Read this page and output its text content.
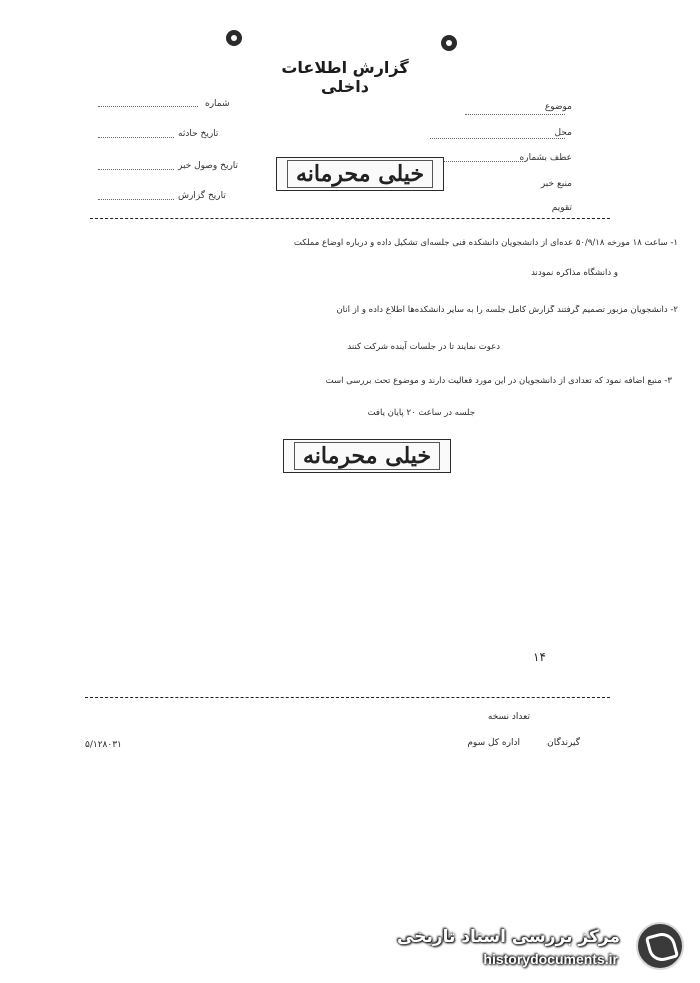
گزارش اطلاعات داخلی
موضوع
محل
عطف بشماره
منبع خبر
تقویم
شماره
تاریخ حادثه
تاریخ وصول خبر
تاریخ گزارش
خیلی محرمانه
۱- ساعت ۱۸ مورخه ۵۰/۹/۱۸ عده‌ای از دانشجویان دانشکده فنی جلسه‌ای تشکیل داده و درباره اوضاع مملکت
و دانشگاه مذاکره نمودند
۲- دانشجویان مزبور تصمیم گرفتند گزارش کامل جلسه را به سایر دانشکده‌ها اطلاع داده و از آنان
دعوت نمایند تا در جلسات آینده شرکت کنند
۳- منبع اضافه نمود که تعدادی از دانشجویان در این مورد فعالیت دارند و موضوع تحت بررسی است
جلسه در ساعت ۲۰ پایان یافت
خیلی محرمانه
۱۴
تعداد نسخه
گیرندگان
اداره کل سوم
۵/۱۲۸۰۳۱
مرکز بررسی اسناد تاریخی
historydocuments.ir
